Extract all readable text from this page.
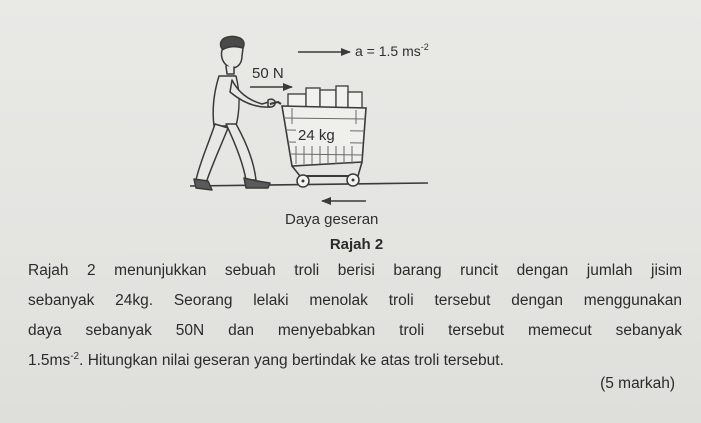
a = 1.5 $ms^{-2}$
50 N
24 kg
Daya geseran
Rajah 2
Rajah 2 menunjukkan sebuah troli berisi barang runcit dengan jumlah jisim
sebanyak 24kg. Seorang lelaki menolak troli tersebut dengan menggunakan
daya sebanyak 50N dan menyebabkan troli tersebut memecut sebanyak
$1.5ms^{-2}$. Hitungkan nilai geseran yang bertindak ke atas troli tersebut.
(5 markah)
